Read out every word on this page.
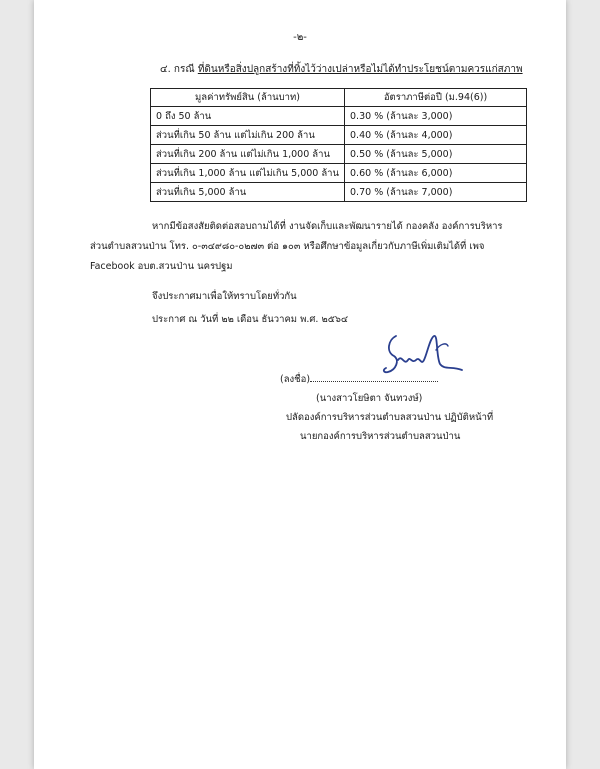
-๒-
๔. กรณี ที่ดินหรือสิ่งปลูกสร้างที่ทิ้งไว้ว่างเปล่าหรือไม่ได้ทำประโยชน์ตามควรแก่สภาพ
มูลค่าทรัพย์สิน (ล้านบาท)	อัตราภาษีต่อปี (ม.94(6))
0 ถึง 50 ล้าน	0.30 % (ล้านละ 3,000)
ส่วนที่เกิน 50 ล้าน แต่ไม่เกิน 200 ล้าน	0.40 % (ล้านละ 4,000)
ส่วนที่เกิน 200 ล้าน แต่ไม่เกิน 1,000 ล้าน	0.50 % (ล้านละ 5,000)
ส่วนที่เกิน 1,000 ล้าน แต่ไม่เกิน 5,000 ล้าน	0.60 % (ล้านละ 6,000)
ส่วนที่เกิน 5,000 ล้าน	0.70 % (ล้านละ 7,000)
หากมีข้อสงสัยติดต่อสอบถามได้ที่ งานจัดเก็บและพัฒนารายได้ กองคลัง องค์การบริหาร
ส่วนตำบลสวนป่าน โทร. ๐-๓๔๙๘๐-๐๒๗๓ ต่อ ๑๐๓ หรือศึกษาข้อมูลเกี่ยวกับภาษีเพิ่มเติมได้ที่ เพจ
Facebook อบต.สวนป่าน นครปฐม
จึงประกาศมาเพื่อให้ทราบโดยทั่วกัน
ประกาศ ณ วันที่ ๒๒ เดือน ธันวาคม พ.ศ. ๒๕๖๔
(ลงชื่อ)
(นางสาวโยษิตา จันทวงษ์)
ปลัดองค์การบริหารส่วนตำบลสวนป่าน ปฏิบัติหน้าที่
นายกองค์การบริหารส่วนตำบลสวนป่าน
